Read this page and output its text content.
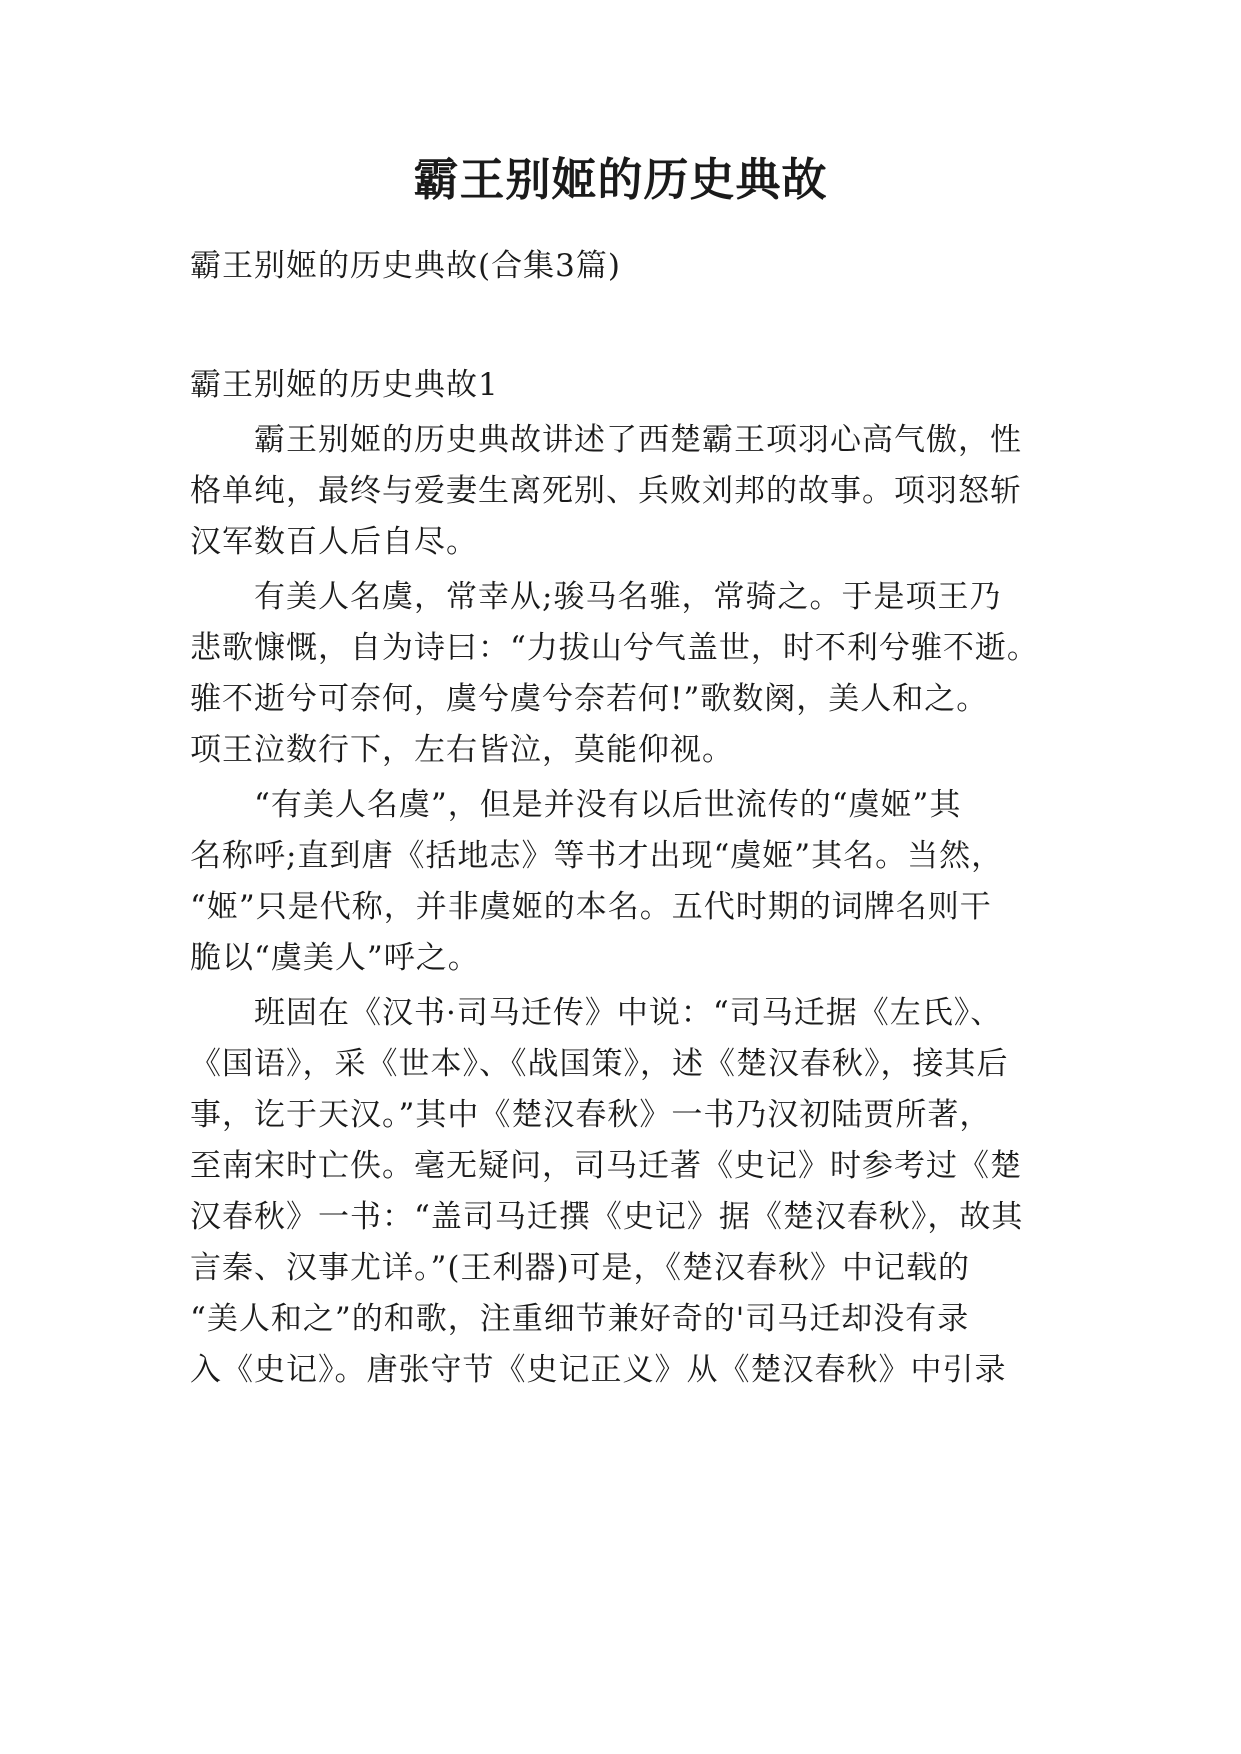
霸王别姬的历史典故
霸王别姬的历史典故(合集3篇)
霸王别姬的历史典故1
　　霸王别姬的历史典故讲述了西楚霸王项羽心高气傲，性
格单纯，最终与爱妻生离死别、兵败刘邦的故事。项羽怒斩
汉军数百人后自尽。
　　有美人名虞，常幸从;骏马名骓，常骑之。于是项王乃
悲歌慷慨，自为诗曰：“力拔山兮气盖世，时不利兮骓不逝。
骓不逝兮可奈何，虞兮虞兮奈若何!”歌数阕，美人和之。
项王泣数行下，左右皆泣，莫能仰视。
　　“有美人名虞”，但是并没有以后世流传的“虞姬”其
名称呼;直到唐《括地志》等书才出现“虞姬”其名。当然，
“姬”只是代称，并非虞姬的本名。五代时期的词牌名则干
脆以“虞美人”呼之。
　　班固在《汉书·司马迁传》中说：“司马迁据《左氏》、
《国语》，采《世本》、《战国策》，述《楚汉春秋》，接其后
事，讫于天汉。”其中《楚汉春秋》一书乃汉初陆贾所著，
至南宋时亡佚。毫无疑问，司马迁著《史记》时参考过《楚
汉春秋》一书：“盖司马迁撰《史记》据《楚汉春秋》，故其
言秦、汉事尤详。”(王利器)可是，《楚汉春秋》中记载的
“美人和之”的和歌，注重细节兼好奇的'司马迁却没有录
入《史记》。唐张守节《史记正义》从《楚汉春秋》中引录
